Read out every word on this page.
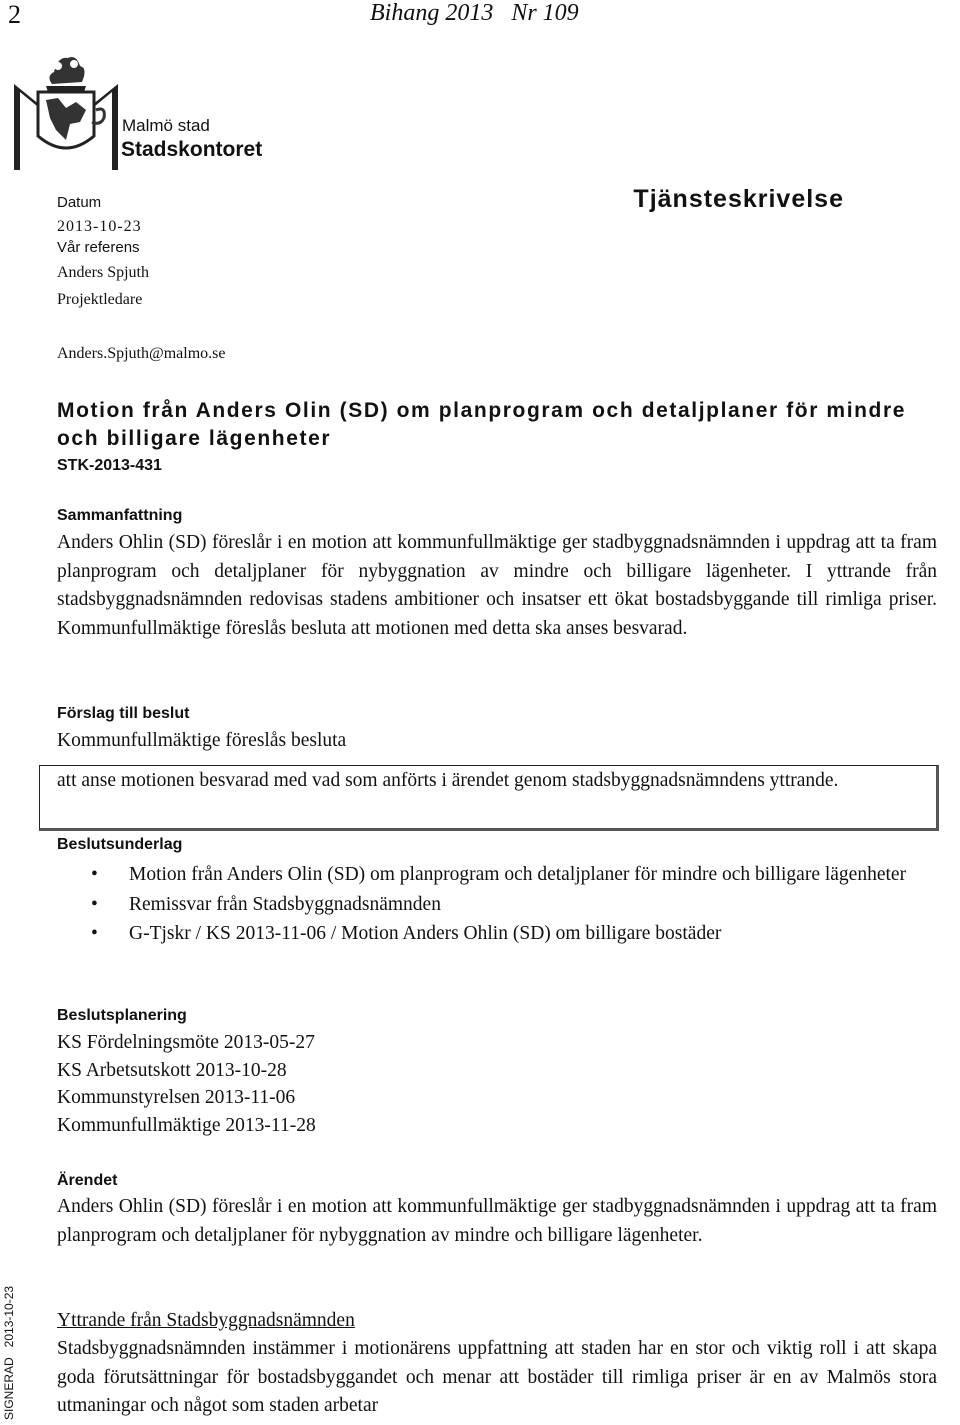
2	Bihang 2013   Nr 109
Malmö stad
Stadskontoret
Datum
2013-10-23
Vår referens
Anders Spjuth
Projektledare
Anders.Spjuth@malmo.se
Tjänsteskrivelse
Motion från Anders Olin (SD) om planprogram och detaljplaner för mindre och billigare lägenheter
STK-2013-431
Sammanfattning
Anders Ohlin (SD) föreslår i en motion att kommunfullmäktige ger stadbyggnadsnämnden i uppdrag att ta fram planprogram och detaljplaner för nybyggnation av mindre och billigare lägenheter. I yttrande från stadsbyggnadsnämnden redovisas stadens ambitioner och insatser ett ökat bostadsbyggande till rimliga priser. Kommunfullmäktige föreslås besluta att motionen med detta ska anses besvarad.
Förslag till beslut
Kommunfullmäktige föreslås besluta
att anse motionen besvarad med vad som anförts i ärendet genom stadsbyggnadsnämndens yttrande.
Beslutsunderlag
• Motion från Anders Olin (SD) om planprogram och detaljplaner för mindre och billigare lägenheter
• Remissvar från Stadsbyggnadsnämnden
• G-Tjskr / KS 2013-11-06 / Motion Anders Ohlin (SD) om billigare bostäder
Beslutsplanering
KS Fördelningsmöte 2013-05-27
KS Arbetsutskott 2013-10-28
Kommunstyrelsen 2013-11-06
Kommunfullmäktige 2013-11-28
Ärendet
Anders Ohlin (SD) föreslår i en motion att kommunfullmäktige ger stadbyggnadsnämnden i uppdrag att ta fram planprogram och detaljplaner för nybyggnation av mindre och billigare lägenheter.
Yttrande från Stadsbyggnadsnämnden
Stadsbyggnadsnämnden instämmer i motionärens uppfattning att staden har en stor och viktig roll i att skapa goda förutsättningar för bostadsbyggandet och menar att bostäder till rimliga priser är en av Malmös stora utmaningar och något som staden arbetar
SIGNERAD   2013-10-23
